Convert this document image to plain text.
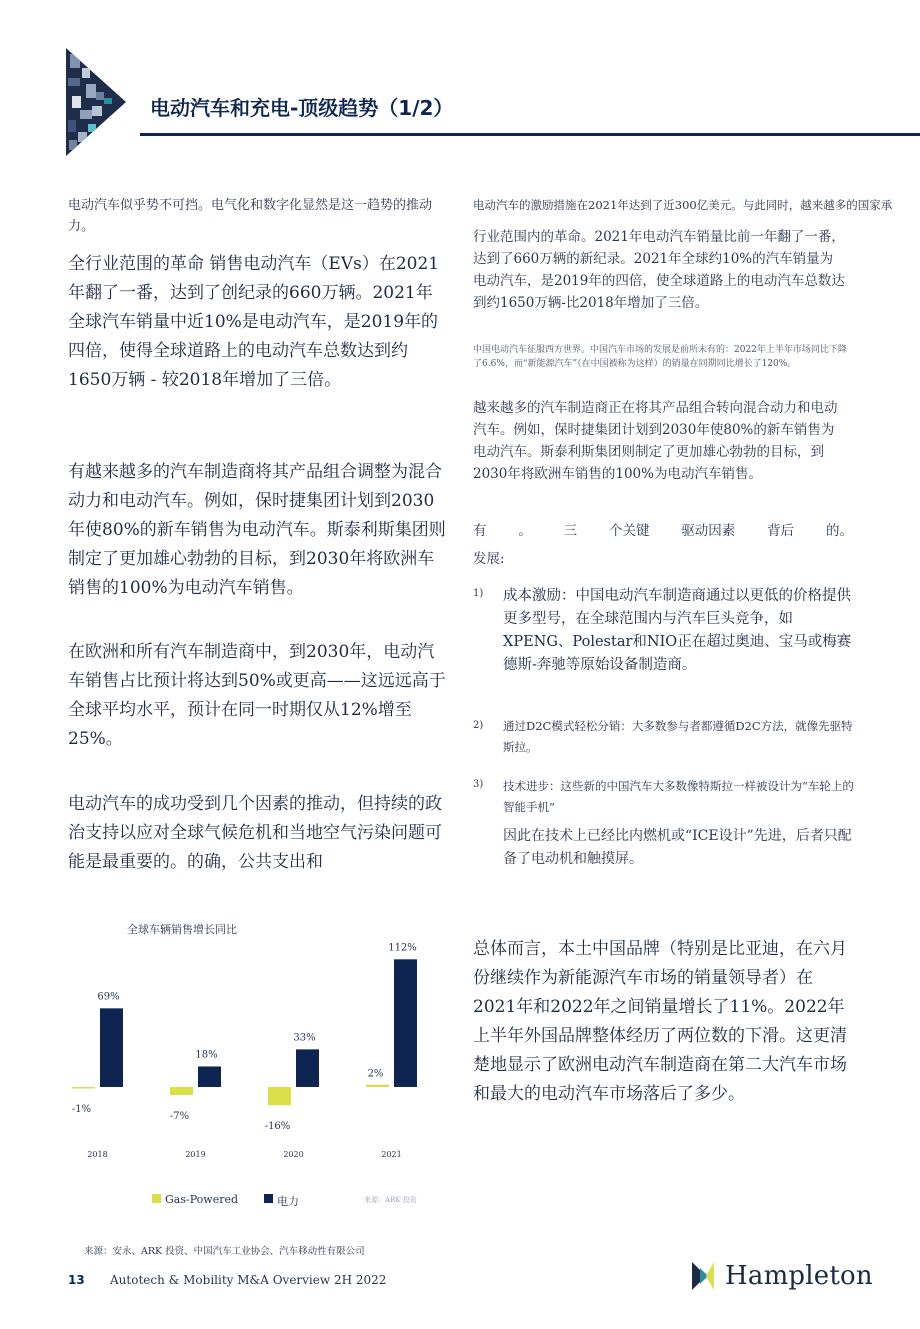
电动汽车和充电-顶级趋势（1/2）
电动汽车似乎势不可挡。电气化和数字化显然是这一趋势的推动力。
全行业范围的革命 销售电动汽车（EVs）在2021年翻了一番，达到了创纪录的660万辆。2021年全球汽车销量中近10%是电动汽车，是2019年的四倍，使得全球道路上的电动汽车总数达到约1650万辆 - 较2018年增加了三倍。
有越来越多的汽车制造商将其产品组合调整为混合动力和电动汽车。例如，保时捷集团计划到2030年使80%的新车销售为电动汽车。斯泰利斯集团则制定了更加雄心勃勃的目标，到2030年将欧洲车销售的100%为电动汽车销售。
在欧洲和所有汽车制造商中，到2030年，电动汽车销售占比预计将达到50%或更高——这远远高于全球平均水平，预计在同一时期仅从12%增至25%。
电动汽车的成功受到几个因素的推动，但持续的政治支持以应对全球气候危机和当地空气污染问题可能是最重要的。的确，公共支出和
全球车辆销售增长同比
-1%
69%
2018
-7%
18%
2019
-16%
33%
2020
2%
112%
2021
Gas-Powered	电力	来源：ARK 投资
电动汽车的激励措施在2021年达到了近300亿美元。与此同时，越来越多的国家承
行业范围内的革命。2021年电动汽车销量比前一年翻了一番，达到了660万辆的新纪录。2021年全球约10%的汽车销量为电动汽车，是2019年的四倍，使全球道路上的电动汽车总数达到约1650万辆-比2018年增加了三倍。
中国电动汽车征服西方世界。中国汽车市场的发展是前所未有的：2022年上半年市场同比下降了6.6%，而“新能源汽车”（在中国被称为这样）的销量在同期同比增长了120%。
越来越多的汽车制造商正在将其产品组合转向混合动力和电动汽车。例如，保时捷集团计划到2030年使80%的新车销售为电动汽车。斯泰利斯集团则制定了更加雄心勃勃的目标，到2030年将欧洲车销售的100%为电动汽车销售。
有 。 三 个关键 驱动因素 背后 的。
发展:
1) 成本激励：中国电动汽车制造商通过以更低的价格提供更多型号，在全球范围内与汽车巨头竞争，如XPENG、Polestar和NIO正在超过奥迪、宝马或梅赛德斯-奔驰等原始设备制造商。
2) 通过D2C模式轻松分销：大多数参与者都遵循D2C方法，就像先驱特斯拉。
3) 技术进步：这些新的中国汽车大多数像特斯拉一样被设计为“车轮上的智能手机”
因此在技术上已经比内燃机或“ICE设计”先进，后者只配备了电动机和触摸屏。
总体而言，本土中国品牌（特别是比亚迪，在六月份继续作为新能源汽车市场的销量领导者）在2021年和2022年之间销量增长了11%。2022年上半年外国品牌整体经历了两位数的下滑。这更清楚地显示了欧洲电动汽车制造商在第二大汽车市场和最大的电动汽车市场落后了多少。
来源：安永、ARK 投资、中国汽车工业协会、汽车移动性有限公司
13 Autotech & Mobility M&A Overview 2H 2022	Hampleton
